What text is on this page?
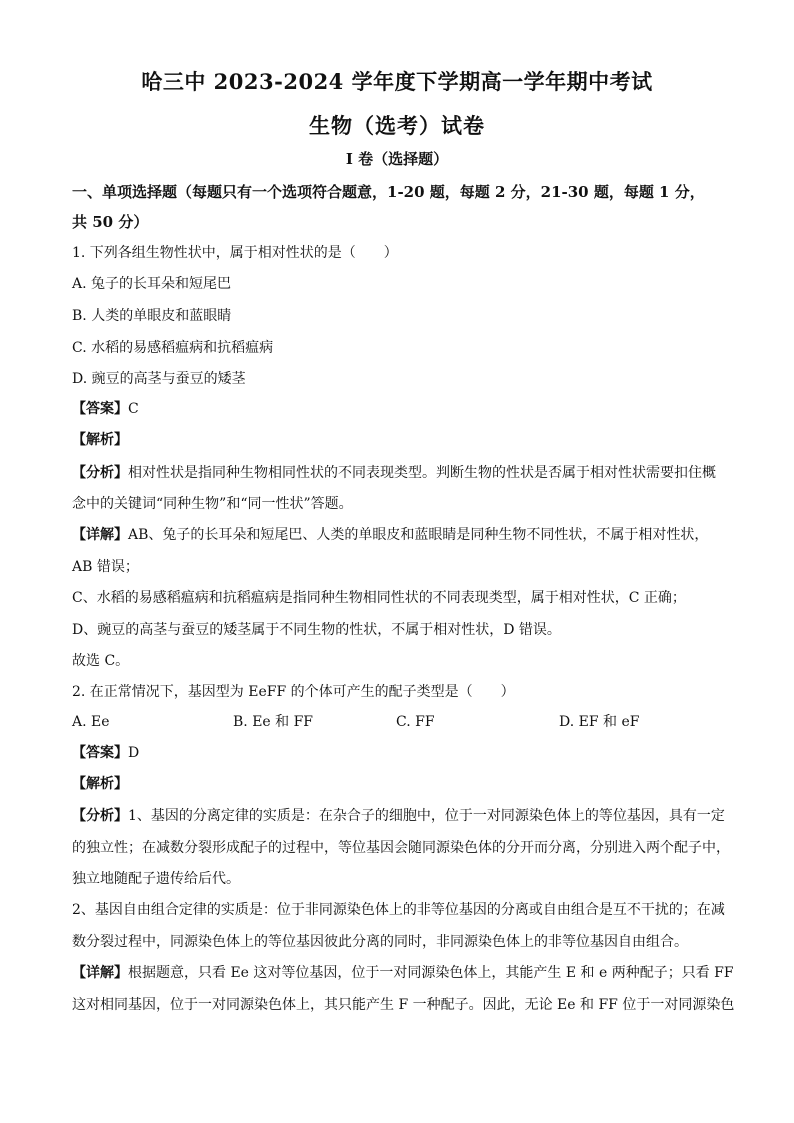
哈三中 2023-2024 学年度下学期高一学年期中考试
生物（选考）试卷
I 卷（选择题）
一、单项选择题（每题只有一个选项符合题意，1-20 题，每题 2 分，21-30 题，每题 1 分，
共 50 分）
1. 下列各组生物性状中，属于相对性状的是（　　）
A. 兔子的长耳朵和短尾巴
B. 人类的单眼皮和蓝眼睛
C. 水稻的易感稻瘟病和抗稻瘟病
D. 豌豆的高茎与蚕豆的矮茎
【答案】C
【解析】
【分析】相对性状是指同种生物相同性状的不同表现类型。判断生物的性状是否属于相对性状需要扣住概
念中的关键词“同种生物”和“同一性状”答题。
【详解】AB、兔子的长耳朵和短尾巴、人类的单眼皮和蓝眼睛是同种生物不同性状，不属于相对性状，
AB 错误；
C、水稻的易感稻瘟病和抗稻瘟病是指同种生物相同性状的不同表现类型，属于相对性状，C 正确；
D、豌豆的高茎与蚕豆的矮茎属于不同生物的性状，不属于相对性状，D 错误。
故选 C。
2. 在正常情况下，基因型为 EeFF 的个体可产生的配子类型是（　　）
A. Ee	B. Ee 和 FF	C. FF	D. EF 和 eF
【答案】D
【解析】
【分析】1、基因的分离定律的实质是：在杂合子的细胞中，位于一对同源染色体上的等位基因，具有一定
的独立性；在减数分裂形成配子的过程中，等位基因会随同源染色体的分开而分离，分别进入两个配子中，
独立地随配子遗传给后代。
2、基因自由组合定律的实质是：位于非同源染色体上的非等位基因的分离或自由组合是互不干扰的；在减
数分裂过程中，同源染色体上的等位基因彼此分离的同时，非同源染色体上的非等位基因自由组合。
【详解】根据题意，只看 Ee 这对等位基因，位于一对同源染色体上，其能产生 E 和 e 两种配子；只看 FF
这对相同基因，位于一对同源染色体上，其只能产生 F 一种配子。因此，无论 Ee 和 FF 位于一对同源染色
